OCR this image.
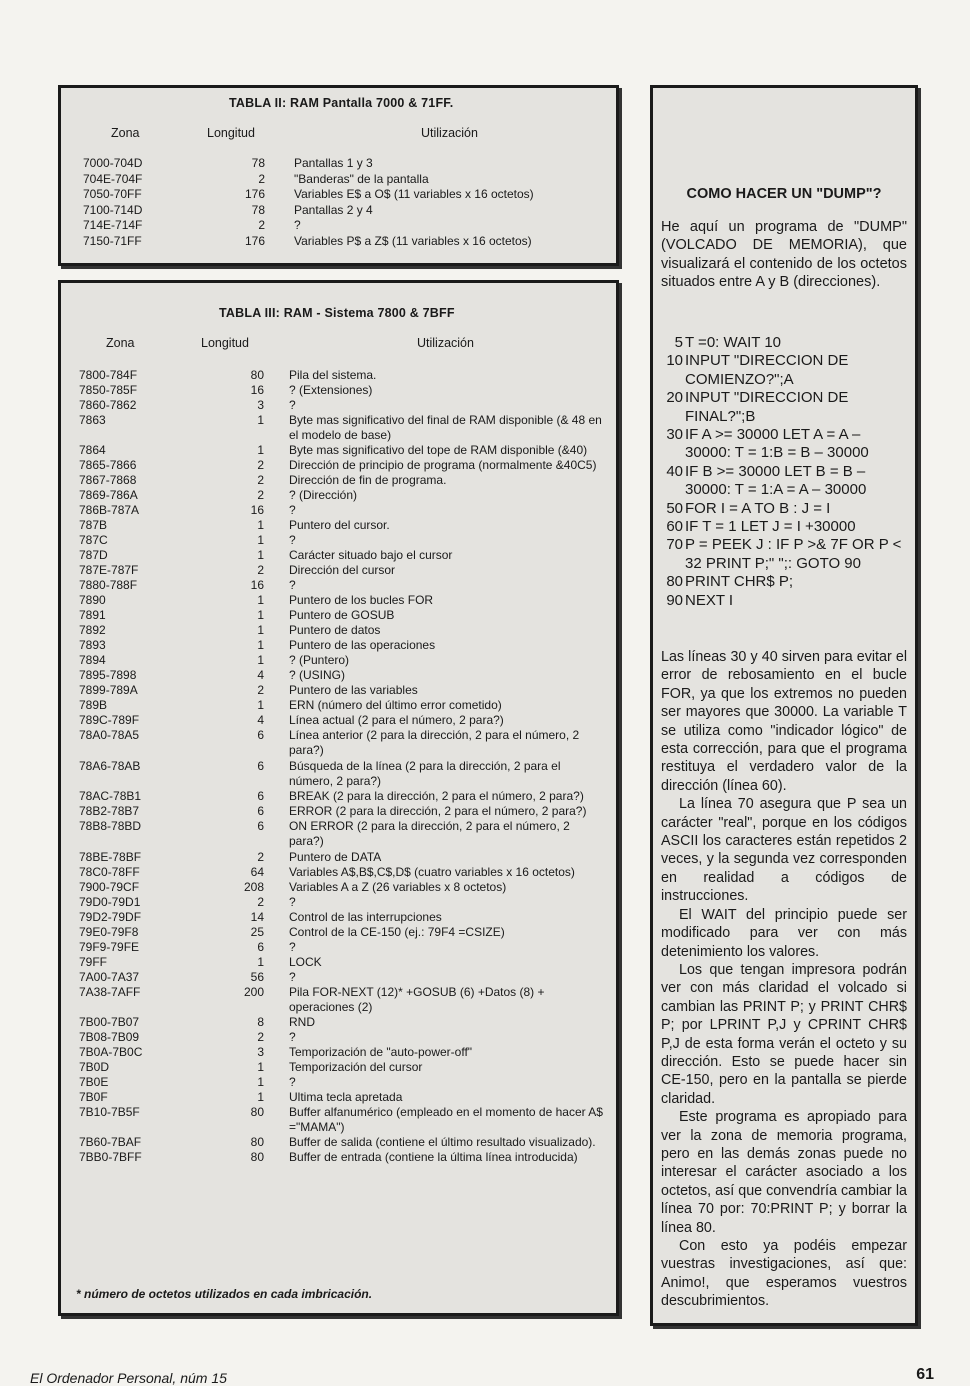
TABLA II: RAM Pantalla 7000 & 71FF.
Zona	Longitud	Utilización
7000-704D	78 Pantallas 1 y 3
704E-704F	2 "Banderas" de la pantalla
7050-70FF	176 Variables E$ a O$ (11 variables x 16 octetos)
7100-714D	78 Pantallas 2 y 4
714E-714F	2 ?
7150-71FF	176 Variables P$ a Z$ (11 variables x 16 octetos)
TABLA III: RAM - Sistema 7800 & 7BFF
Zona	Longitud	Utilización
7800-784F	80 Pila del sistema.
7850-785F	16 ? (Extensiones)
7860-7862	3 ?
7863	1 Byte mas significativo del final de RAM disponible (& 48 en el modelo de base)
7864	1 Byte mas significativo del tope de RAM disponible (&40)
7865-7866	2 Dirección de principio de programa (normalmente &40C5)
7867-7868	2 Dirección de fin de programa.
7869-786A	2 ? (Dirección)
786B-787A	16 ?
787B	1 Puntero del cursor.
787C	1 ?
787D	1 Carácter situado bajo el cursor
787E-787F	2 Dirección del cursor
7880-788F	16 ?
7890	1 Puntero de los bucles FOR
7891	1 Puntero de GOSUB
7892	1 Puntero de datos
7893	1 Puntero de las operaciones
7894	1 ? (Puntero)
7895-7898	4 ? (USING)
7899-789A	2 Puntero de las variables
789B	1 ERN (número del último error cometido)
789C-789F	4 Línea actual (2 para el número, 2 para?)
78A0-78A5	6 Línea anterior (2 para la dirección, 2 para el número, 2 para?)
78A6-78AB	6 Búsqueda de la línea (2 para la dirección, 2 para el número, 2 para?)
78AC-78B1	6 BREAK (2 para la dirección, 2 para el número, 2 para?)
78B2-78B7	6 ERROR (2 para la dirección, 2 para el número, 2 para?)
78B8-78BD	6 ON ERROR (2 para la dirección, 2 para el número, 2 para?)
78BE-78BF	2 Puntero de DATA
78C0-78FF	64 Variables A$,B$,C$,D$ (cuatro variables x 16 octetos)
7900-79CF	208 Variables A a Z (26 variables x 8 octetos)
79D0-79D1	2 ?
79D2-79DF	14 Control de las interrupciones
79E0-79F8	25 Control de la CE-150 (ej.: 79F4 =CSIZE)
79F9-79FE	6 ?
79FF	1 LOCK
7A00-7A37	56 ?
7A38-7AFF	200 Pila FOR-NEXT (12)* +GOSUB (6) +Datos (8) + operaciones (2)
7B00-7B07	8 RND
7B08-7B09	2 ?
7B0A-7B0C	3 Temporización de "auto-power-off"
7B0D	1 Temporización del cursor
7B0E	1 ?
7B0F	1 Ultima tecla apretada
7B10-7B5F	80 Buffer alfanumérico (empleado en el momento de hacer A$ ="MAMA")
7B60-7BAF	80 Buffer de salida (contiene el último resultado visualizado).
7BB0-7BFF	80 Buffer de entrada (contiene la última línea introducida)
* número de octetos utilizados en cada imbricación.
COMO HACER UN "DUMP"?
He aquí un programa de "DUMP" (VOLCADO DE MEMORIA), que visualizará el contenido de los octetos situados entre A y B (direcciones).
5 T =0: WAIT 10
10 INPUT "DIRECCION DE COMIENZO?";A
20 INPUT "DIRECCION DE FINAL?";B
30 IF A >= 30000 LET A = A – 30000: T = 1:B = B – 30000
40 IF B >= 30000 LET B = B – 30000: T = 1:A = A – 30000
50 FOR I = A TO B : J = I
60 IF T = 1 LET J = I +30000
70 P = PEEK J : IF P >& 7F OR P < 32 PRINT P;" ";: GOTO 90
80 PRINT CHR$ P;
90 NEXT I

Las líneas 30 y 40 sirven para evitar el error de rebosamiento en el bucle FOR, ya que los extremos no pueden ser mayores que 30000. La variable T se utiliza como "indicador lógico" de esta corrección, para que el programa restituya el verdadero valor de la dirección (línea 60).

La línea 70 asegura que P sea un carácter "real", porque en los códigos ASCII los caracteres están repetidos 2 veces, y la segunda vez corresponden en realidad a códigos de instrucciones.

El WAIT del principio puede ser modificado para ver con más detenimiento los valores.

Los que tengan impresora podrán ver con más claridad el volcado si cambian las PRINT P; y PRINT CHR$ P; por LPRINT P,J y CPRINT CHR$ P,J de esta forma verán el octeto y su dirección. Esto se puede hacer sin CE-150, pero en la pantalla se pierde claridad.

Este programa es apropiado para ver la zona de memoria programa, pero en las demás zonas puede no interesar el carácter asociado a los octetos, así que convendría cambiar la línea 70 por: 70:PRINT P; y borrar la línea 80.

Con esto ya podéis empezar vuestras investigaciones, así que: Animo!, que esperamos vuestros descubrimientos.

El Ordenador Personal, núm 15	61
